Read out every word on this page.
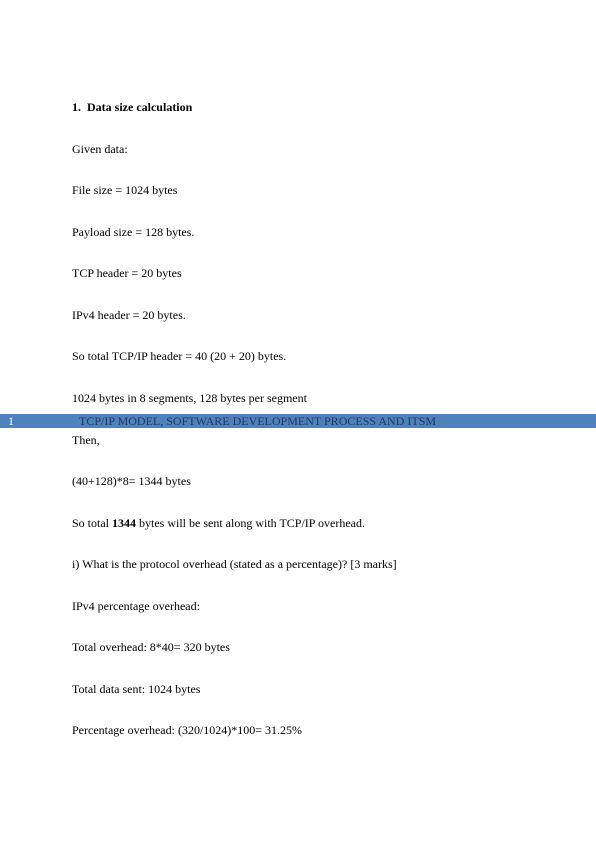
1. Data size calculation
Given data:
File size = 1024 bytes
Payload size = 128 bytes.
TCP header = 20 bytes
IPv4 header = 20 bytes.
So total TCP/IP header = 40 (20 + 20) bytes.
1024 bytes in 8 segments, 128 bytes per segment
1	TCP/IP MODEL, SOFTWARE DEVELOPMENT PROCESS AND ITSM
Then,
(40+128)*8= 1344 bytes
So total 1344 bytes will be sent along with TCP/IP overhead.
i) What is the protocol overhead (stated as a percentage)? [3 marks]
IPv4 percentage overhead:
Total overhead: 8*40= 320 bytes
Total data sent: 1024 bytes
Percentage overhead: (320/1024)*100= 31.25%
